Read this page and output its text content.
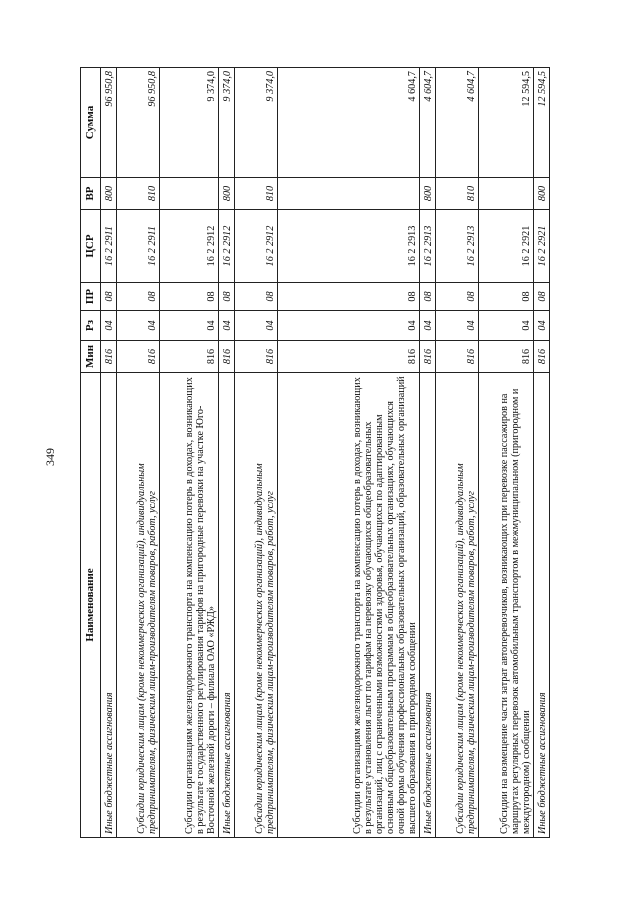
349
Наименование	Мин	Рз	ПР	ЦСР	ВР	Сумма
Иные бюджетные ассигнования	816	04	08	16 2 2911	800	96 950,8
Субсидии юридическим лицам (кроме некоммерческих организаций), индивидуальным предпринимателям, физическим лицам-производителям товаров, работ, услуг	816	04	08	16 2 2911	810	96 950,8
Субсидии организациям железнодорожного транспорта на компенсацию потерь в доходах, возникающих в результате государственного регулирования тарифов на пригородные перевозки на участке Юго-Восточной железной дороги – филиала ОАО «РЖД»	816	04	08	16 2 2912		9 374,0
Иные бюджетные ассигнования	816	04	08	16 2 2912	800	9 374,0
Субсидии юридическим лицам (кроме некоммерческих организаций), индивидуальным предпринимателям, физическим лицам-производителям товаров, работ, услуг	816	04	08	16 2 2912	810	9 374,0
Субсидии организациям железнодорожного транспорта на компенсацию потерь в доходах, возникающих в результате установления льгот по тарифам на перевозку обучающихся общеобразовательных организаций, лиц с ограниченными возможностями здоровья, обучающихся по адаптированным основным общеобразовательным программам в общеобразовательных организациях, обучающихся очной формы обучения профессиональных образовательных организаций, образовательных организаций высшего образования в пригородном сообщении	816	04	08	16 2 2913		4 604,7
Иные бюджетные ассигнования	816	04	08	16 2 2913	800	4 604,7
Субсидии юридическим лицам (кроме некоммерческих организаций), индивидуальным предпринимателям, физическим лицам-производителям товаров, работ, услуг	816	04	08	16 2 2913	810	4 604,7
Субсидии на возмещение части затрат автоперевозчиков, возникающих при перевозке пассажиров на маршрутах регулярных перевозок автомобильным транспортом в межмуниципальном (пригородном и междугородном) сообщении	816	04	08	16 2 2921		12 594,5
Иные бюджетные ассигнования	816	04	08	16 2 2921	800	12 594,5
